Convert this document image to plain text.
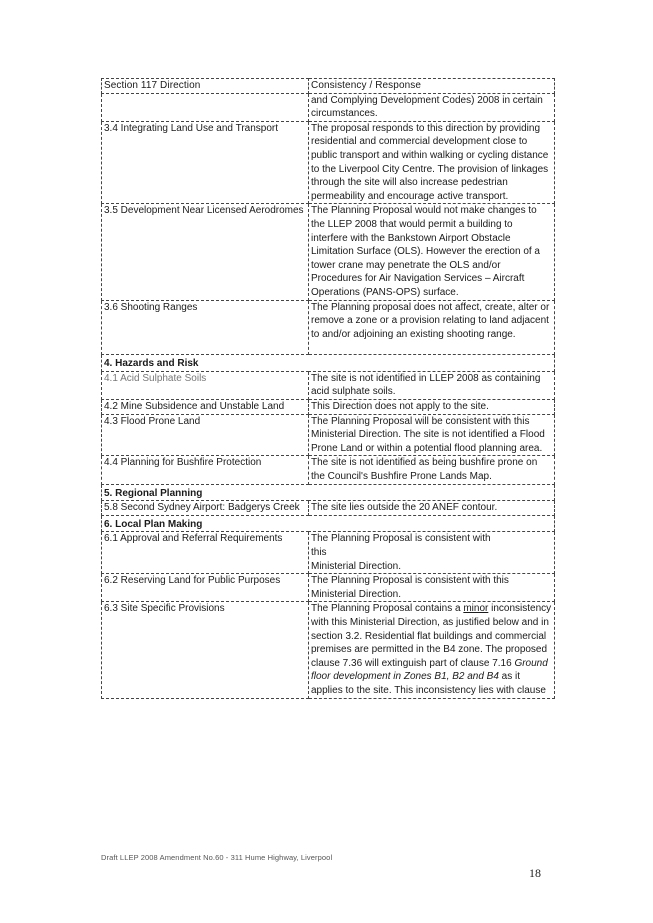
Section 117 Direction	Consistency / Response
	and Complying Development Codes) 2008 in certain circumstances.
3.4 Integrating Land Use and Transport	The proposal responds to this direction by providing residential and commercial development close to public transport and within walking or cycling distance to the Liverpool City Centre. The provision of linkages through the site will also increase pedestrian permeability and encourage active transport.
3.5 Development Near Licensed Aerodromes	The Planning Proposal would not make changes to the LLEP 2008 that would permit a building to interfere with the Bankstown Airport Obstacle Limitation Surface (OLS). However the erection of a tower crane may penetrate the OLS and/or Procedures for Air Navigation Services – Aircraft Operations (PANS-OPS) surface.
3.6 Shooting Ranges	The Planning proposal does not affect, create, alter or remove a zone or a provision relating to land adjacent to and/or adjoining an existing shooting range.
4. Hazards and Risk	
4.1 Acid Sulphate Soils	The site is not identified in LLEP 2008 as containing acid sulphate soils.
4.2 Mine Subsidence and Unstable Land	This Direction does not apply to the site.
4.3 Flood Prone Land	The Planning Proposal will be consistent with this Ministerial Direction. The site is not identified a Flood Prone Land or within a potential flood planning area.
4.4 Planning for Bushfire Protection	The site is not identified as being bushfire prone on the Council's Bushfire Prone Lands Map.
5. Regional Planning	
5.8 Second Sydney Airport: Badgerys Creek	The site lies outside the 20 ANEF contour.
6. Local Plan Making	
6.1 Approval and Referral Requirements	The Planning Proposal is consistent with
this
Ministerial Direction.
6.2 Reserving Land for Public Purposes	The Planning Proposal is consistent with this Ministerial Direction.
6.3 Site Specific Provisions	The Planning Proposal contains a minor inconsistency with this Ministerial Direction, as justified below and in section 3.2. Residential flat buildings and commercial premises are permitted in the B4 zone. The proposed clause 7.36 will extinguish part of clause 7.16 Ground floor development in Zones B1, B2 and B4 as it applies to the site. This inconsistency lies with clause
Draft LLEP 2008 Amendment No.60 - 311 Hume Highway, Liverpool
18
